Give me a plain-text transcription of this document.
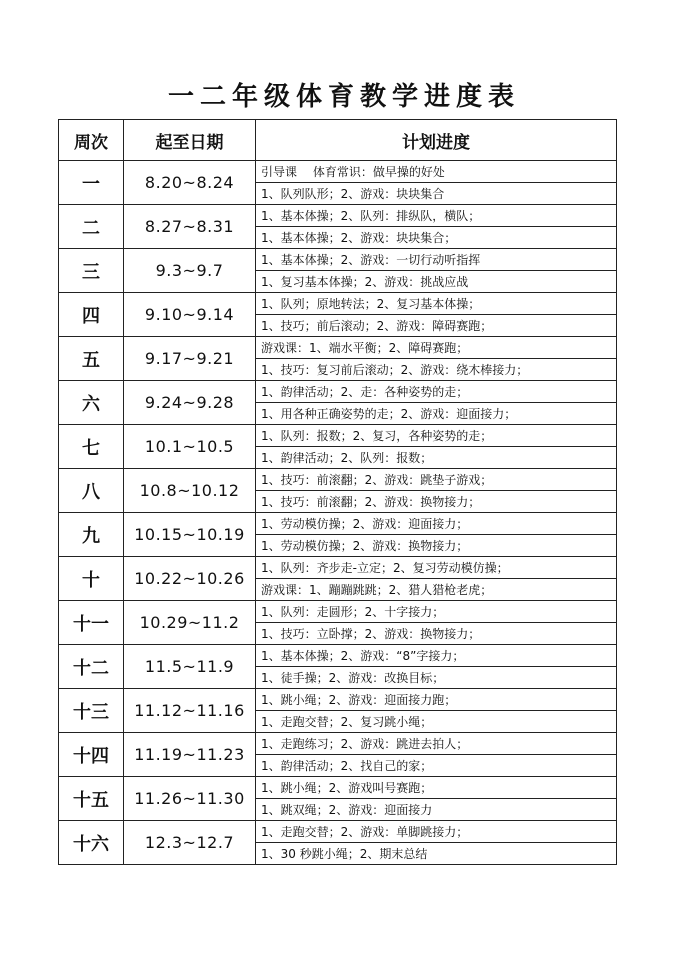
一二年级体育教学进度表
周次	起至日期	计划进度
一	8.20~8.24	引导课　 体育常识：做早操的好处
		1、队列队形；2、游戏：块块集合
二	8.27~8.31	1、基本体操；2、队列：排纵队，横队；
		1、基本体操；2、游戏：块块集合；
三	9.3~9.7	1、基本体操；2、游戏：一切行动听指挥
		1、复习基本体操；2、游戏：挑战应战
四	9.10~9.14	1、队列；原地转法；2、复习基本体操；
		1、技巧；前后滚动；2、游戏：障碍赛跑；
五	9.17~9.21	游戏课：1、端水平衡；2、障碍赛跑；
		1、技巧：复习前后滚动；2、游戏：绕木棒接力；
六	9.24~9.28	1、韵律活动；2、走：各种姿势的走；
		1、用各种正确姿势的走；2、游戏：迎面接力；
七	10.1~10.5	1、队列：报数；2、复习，各种姿势的走；
		1、韵律活动；2、队列：报数；
八	10.8~10.12	1、技巧：前滚翻；2、游戏：跳垫子游戏；
		1、技巧：前滚翻；2、游戏：换物接力；
九	10.15~10.19	1、劳动模仿操；2、游戏：迎面接力；
		1、劳动模仿操；2、游戏：换物接力；
十	10.22~10.26	1、队列：齐步走-立定；2、复习劳动模仿操；
		游戏课：1、蹦蹦跳跳；2、猎人猎枪老虎；
十一	10.29~11.2	1、队列：走圆形；2、十字接力；
		1、技巧：立卧撑；2、游戏：换物接力；
十二	11.5~11.9	1、基本体操；2、游戏：“8”字接力；
		1、徒手操；2、游戏：改换目标；
十三	11.12~11.16	1、跳小绳；2、游戏：迎面接力跑；
		1、走跑交替；2、复习跳小绳；
十四	11.19~11.23	1、走跑练习；2、游戏：跳进去拍人；
		1、韵律活动；2、找自己的家；
十五	11.26~11.30	1、跳小绳；2、游戏叫号赛跑；
		1、跳双绳；2、游戏：迎面接力
十六	12.3~12.7	1、走跑交替；2、游戏：单脚跳接力；
		1、30 秒跳小绳；2、期末总结
